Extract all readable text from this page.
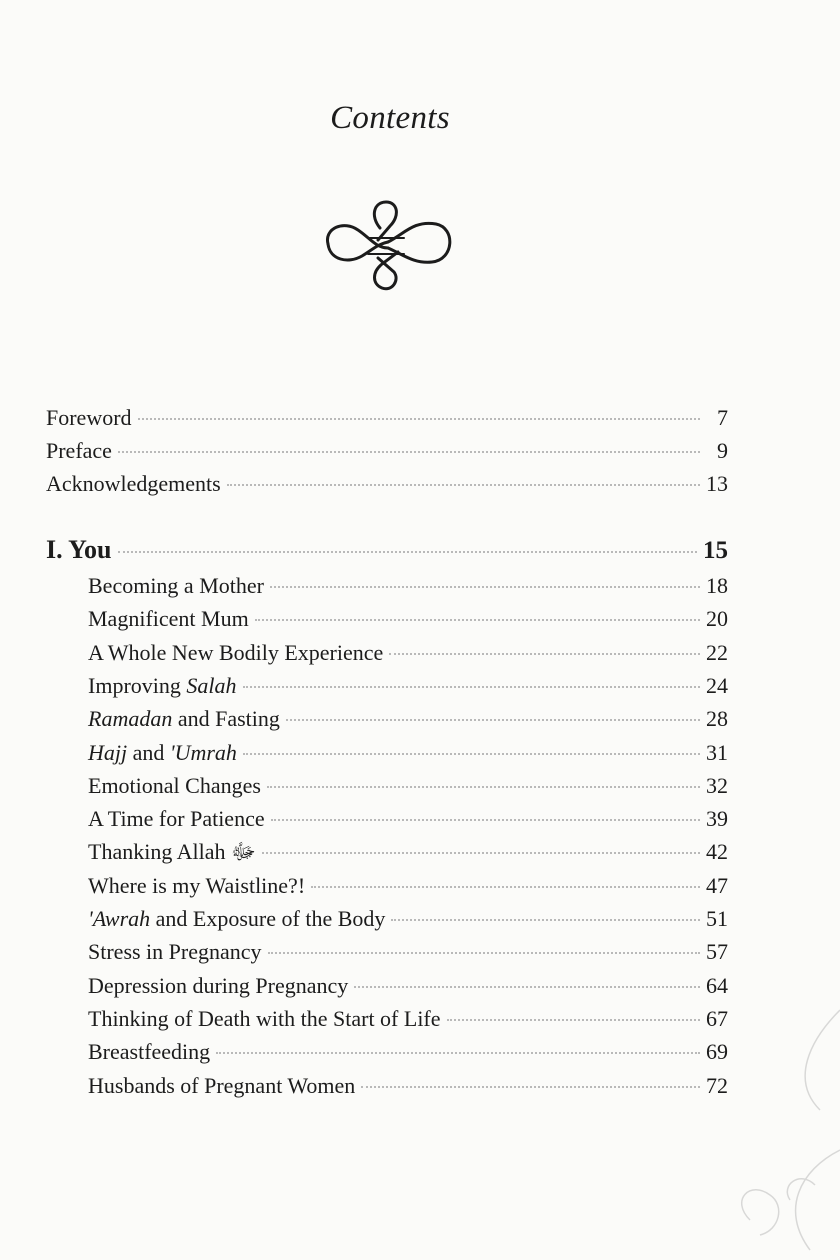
Contents
Foreword	7
Preface	9
Acknowledgements	13
I. You	15
Becoming a Mother	18
Magnificent Mum	20
A Whole New Bodily Experience	22
Improving Salah	24
Ramadan and Fasting	28
Hajj and 'Umrah	31
Emotional Changes	32
A Time for Patience	39
Thanking Allah ﷻ	42
Where is my Waistline?!	47
'Awrah and Exposure of the Body	51
Stress in Pregnancy	57
Depression during Pregnancy	64
Thinking of Death with the Start of Life	67
Breastfeeding	69
Husbands of Pregnant Women	72
